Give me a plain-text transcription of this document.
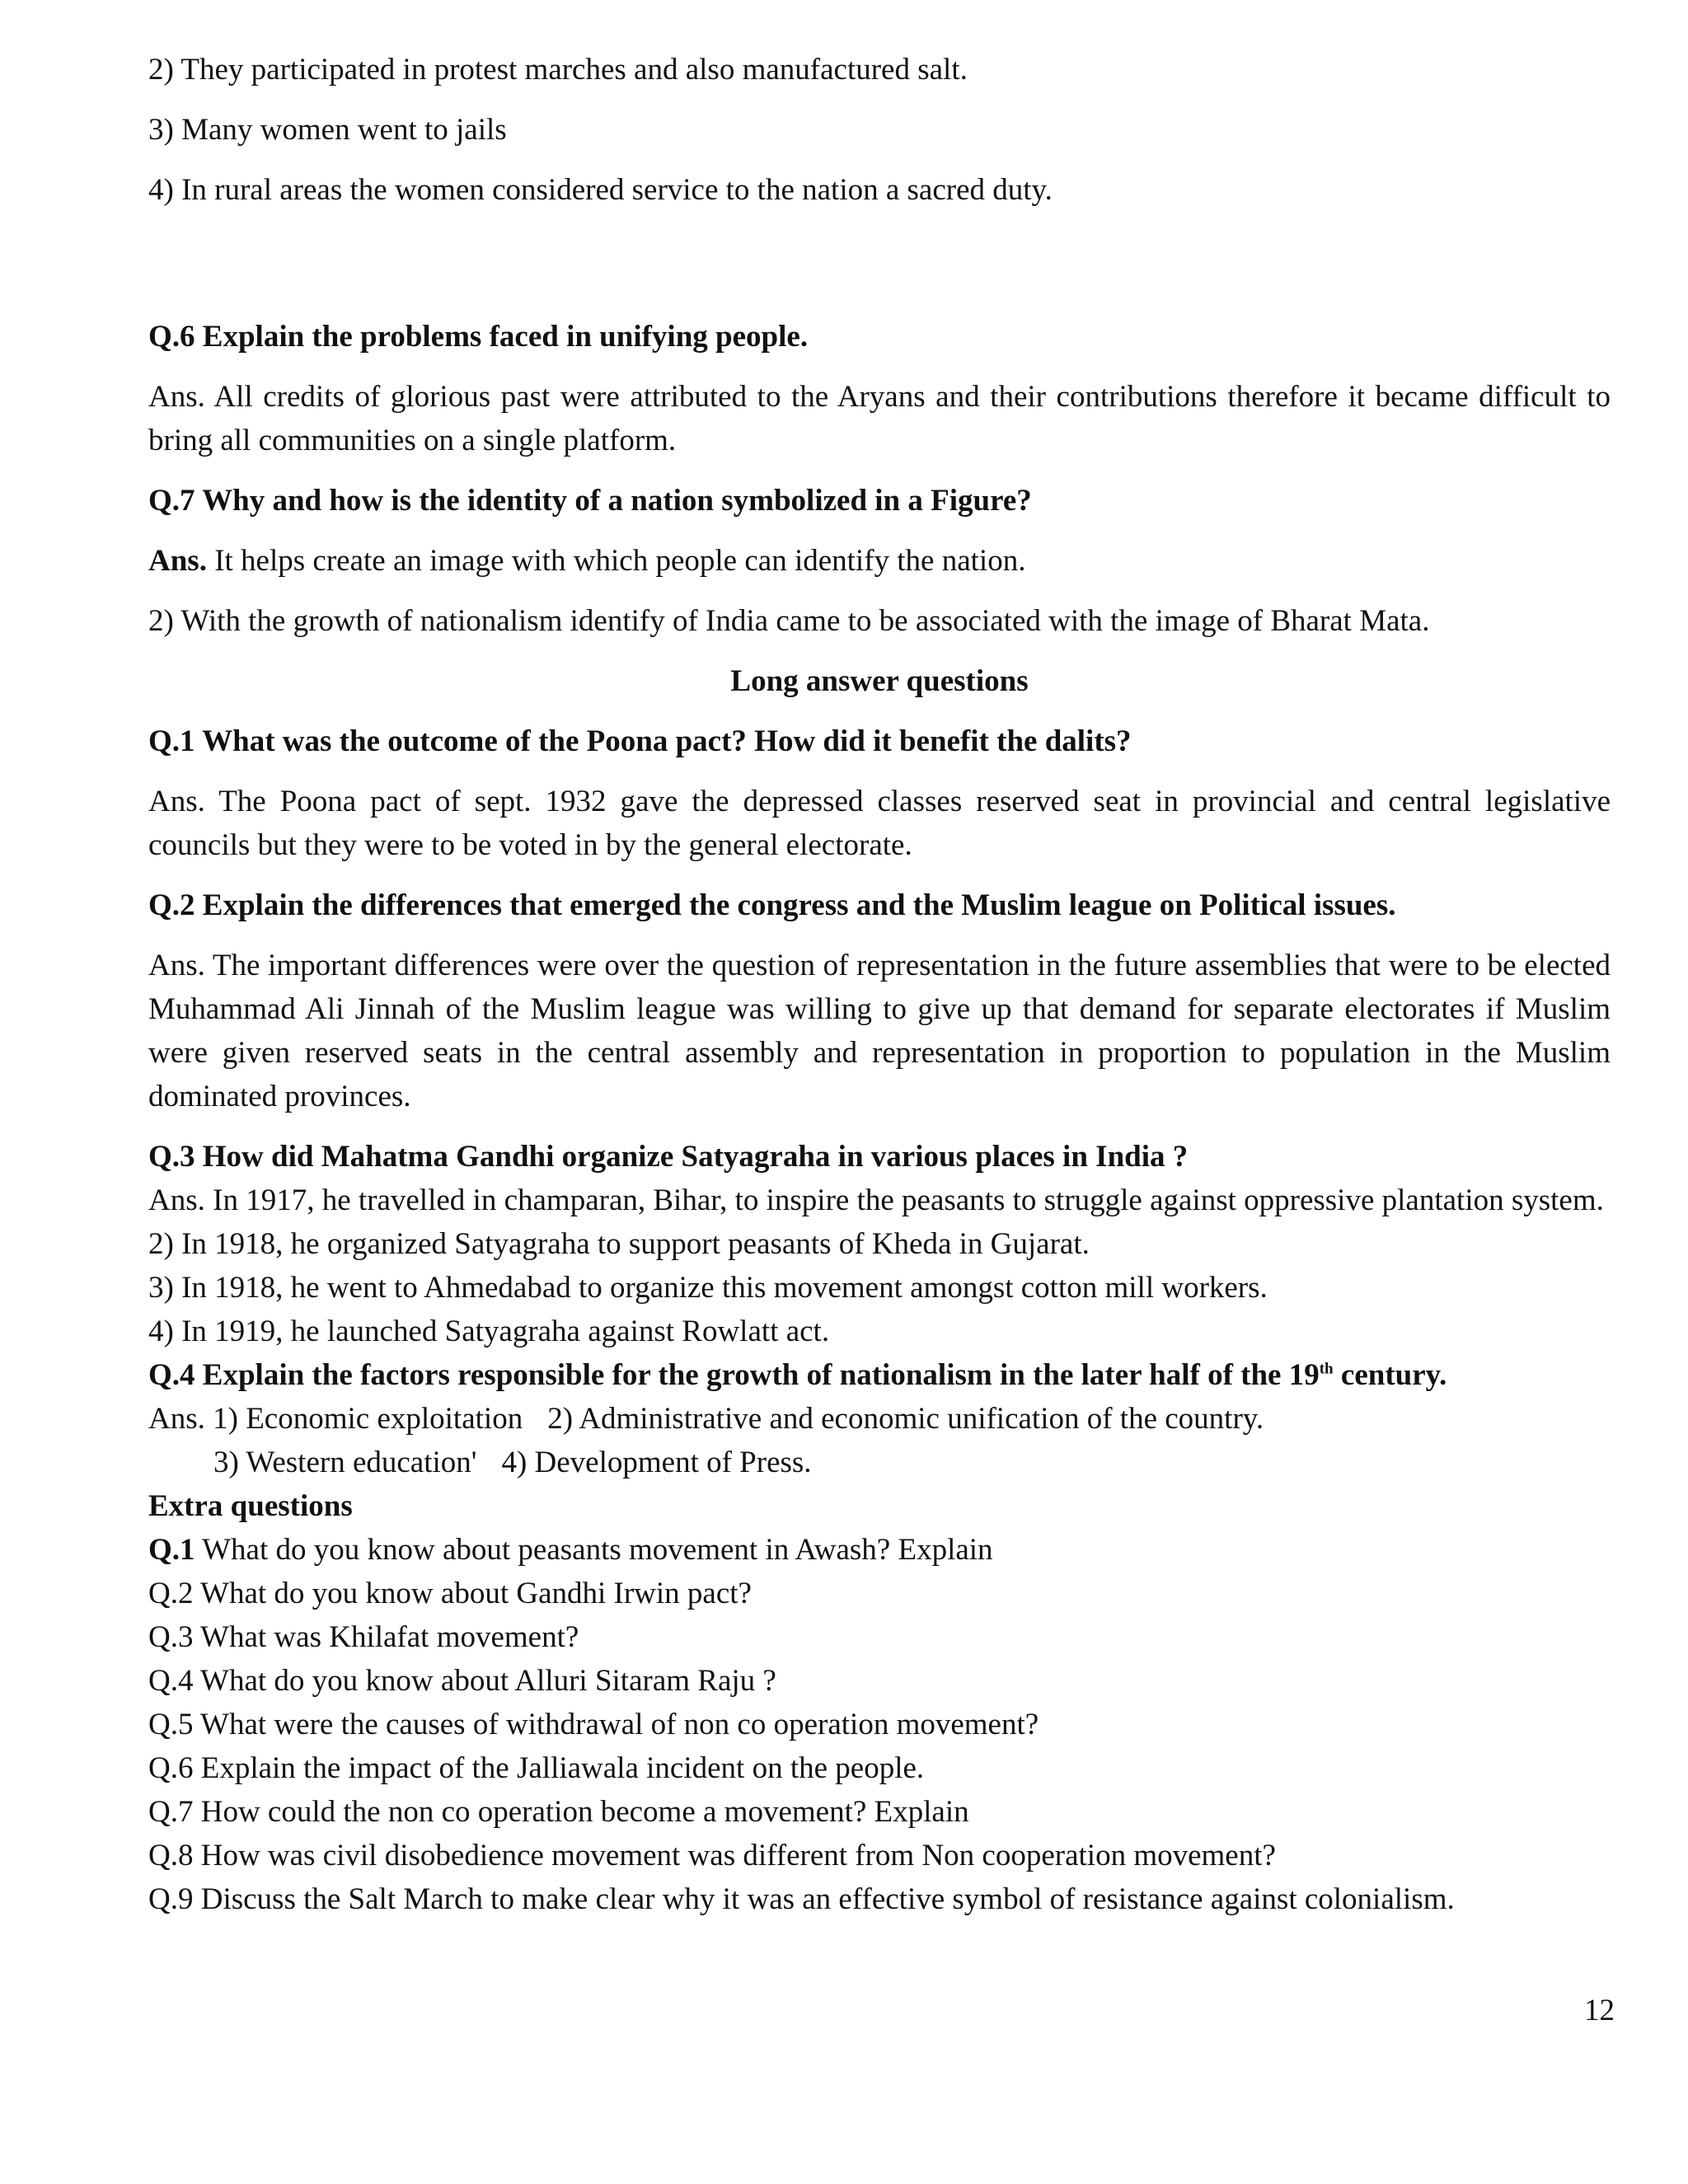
2) They participated in protest marches and also manufactured salt.

3) Many women went to jails

4) In rural areas the women considered service to the nation a sacred duty.

Q.6 Explain the problems faced in unifying people.

Ans. All credits of glorious past were attributed to the Aryans and their contributions therefore it became difficult to bring all communities on a single platform.

Q.7 Why and how is the identity of a nation symbolized in a Figure?

Ans. It helps create an image with which people can identify the nation.

2) With the growth of nationalism identify of India came to be associated with the image of Bharat Mata.

Long answer questions

Q.1 What was the outcome of the Poona pact? How did it benefit the dalits?

Ans. The Poona pact of sept. 1932 gave the depressed classes reserved seat in provincial and central legislative councils but they were to be voted in by the general electorate.

Q.2 Explain the differences that emerged the congress and the Muslim league on Political issues.

Ans. The important differences were over the question of representation in the future assemblies that were to be elected Muhammad Ali Jinnah of the Muslim league was willing to give up that demand for separate electorates if Muslim were given reserved seats in the central assembly and representation in proportion to population in the Muslim dominated provinces.

Q.3 How did Mahatma Gandhi organize Satyagraha in various places in India ?

Ans. In 1917, he travelled in champaran, Bihar, to inspire the peasants to struggle against oppressive plantation system.

2) In 1918, he organized Satyagraha to support peasants of Kheda in Gujarat.

3) In 1918, he went to Ahmedabad to organize this movement amongst cotton mill workers.

4) In 1919, he launched Satyagraha against Rowlatt act.

Q.4 Explain the factors responsible for the growth of nationalism in the later half of the 19th century.

Ans. 1) Economic exploitation 2) Administrative and economic unification of the country.

3) Western education' 4) Development of Press.

Extra questions

Q.1 What do you know about peasants movement in Awash? Explain

Q.2 What do you know about Gandhi Irwin pact?

Q.3 What was Khilafat movement?

Q.4 What do you know about Alluri Sitaram Raju ?

Q.5 What were the causes of withdrawal of non co operation movement?

Q.6 Explain the impact of the Jalliawala incident on the people.

Q.7 How could the non co operation become a movement? Explain

Q.8 How was civil disobedience movement was different from Non cooperation movement?

Q.9 Discuss the Salt March to make clear why it was an effective symbol of resistance against colonialism.

12
